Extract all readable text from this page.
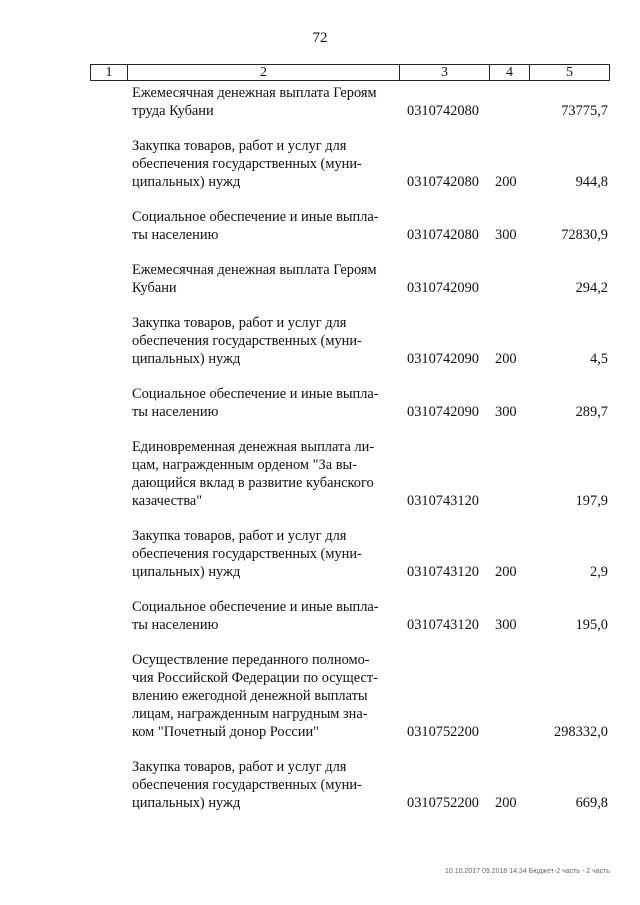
72
1	2	3	4	5
Ежемесячная денежная выплата Героям
труда Кубани	0310742080	73775,7
Закупка товаров, работ и услуг для
обеспечения государственных (муни-
ципальных) нужд	0310742080 200	944,8
Социальное обеспечение и иные выпла-
ты населению	0310742080 300	72830,9
Ежемесячная денежная выплата Героям
Кубани	0310742090	294,2
Закупка товаров, работ и услуг для
обеспечения государственных (муни-
ципальных) нужд	0310742090 200	4,5
Социальное обеспечение и иные выпла-
ты населению	0310742090 300	289,7
Единовременная денежная выплата ли-
цам, награжденным орденом "За вы-
дающийся вклад в развитие кубанского
казачества"	0310743120	197,9
Закупка товаров, работ и услуг для
обеспечения государственных (муни-
ципальных) нужд	0310743120 200	2,9
Социальное обеспечение и иные выпла-
ты населению	0310743120 300	195,0
Осуществление переданного полномо-
чия Российской Федерации по осущест-
влению ежегодной денежной выплаты
лицам, награжденным нагрудным зна-
ком "Почетный донор России"	0310752200	298332,0
Закупка товаров, работ и услуг для
обеспечения государственных (муни-
ципальных) нужд	0310752200 200	669,8
10.10.2017 09.2018 14:34 Бюджет-2 часть - 2 часть
